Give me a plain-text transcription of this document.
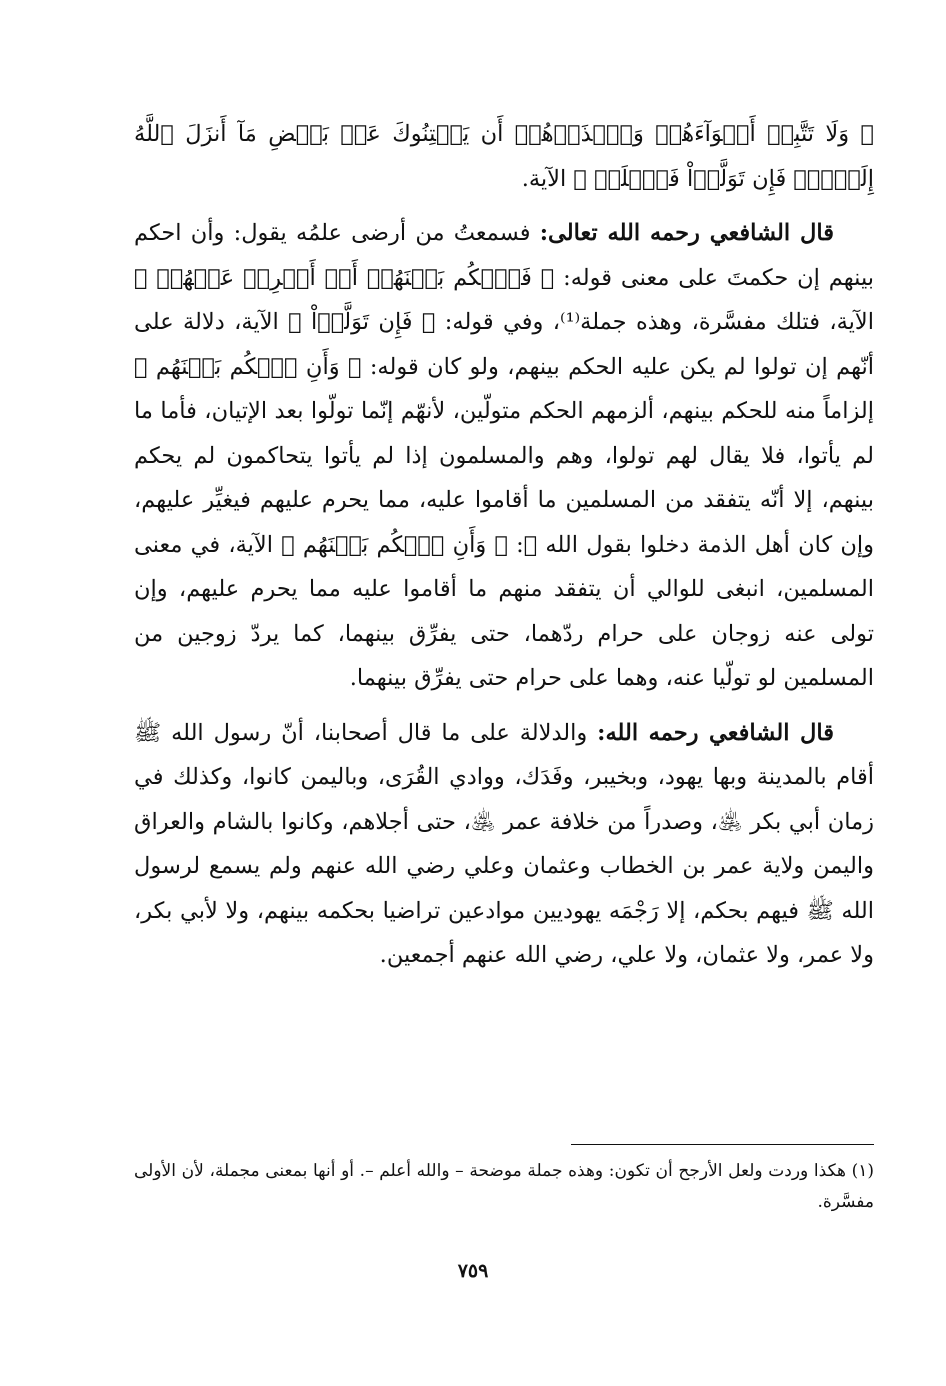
﴿ وَلَا تَتَّبِعۡ أَهۡوَآءَهُمۡ وَٱحۡذَرۡهُمۡ أَن يَفۡتِنُوكَ عَنۢ بَعۡضِ مَآ أَنزَلَ ٱللَّهُ إِلَيۡكَۖ فَإِن تَوَلَّوۡاْ فَٱعۡلَمۡ ﴾ الآية.

قال الشافعي رحمه الله تعالى: فسمعتُ من أرضى علمُه يقول: وأن احكم بينهم إن حكمتَ على معنى قوله: ﴿ فَٱحۡكُم بَيۡنَهُمۡ أَوۡ أَعۡرِضۡ عَنۡهُمۡ ﴾ الآية، فتلك مفسَّرة، وهذه جملة⁽¹⁾، وفي قوله: ﴿ فَإِن تَوَلَّوۡاْ ﴾ الآية، دلالة على أنّهم إن تولوا لم يكن عليه الحكم بينهم، ولو كان قوله: ﴿ وَأَنِ ٱحۡكُم بَيۡنَهُم ﴾ إلزاماً منه للحكم بينهم، ألزمهم الحكم متولّين، لأنهّم إنّما تولّوا بعد الإتيان، فأما ما لم يأتوا، فلا يقال لهم تولوا، وهم والمسلمون إذا لم يأتوا يتحاكمون لم يحكم بينهم، إلا أنّه يتفقد من المسلمين ما أقاموا عليه، مما يحرم عليهم فيغيِّر عليهم، وإن كان أهل الذمة دخلوا بقول الله ﷻ: ﴿ وَأَنِ ٱحۡكُم بَيۡنَهُم ﴾ الآية، في معنى المسلمين، انبغى للوالي أن يتفقد منهم ما أقاموا عليه مما يحرم عليهم، وإن تولى عنه زوجان على حرام ردّهما، حتى يفرِّق بينهما، كما يردّ زوجين من المسلمين لو تولّيا عنه، وهما على حرام حتى يفرِّق بينهما.

قال الشافعي رحمه الله: والدلالة على ما قال أصحابنا، أنّ رسول الله ﷺ أقام بالمدينة وبها يهود، وبخيبر، وفَدَك، ووادي القُرَى، وباليمن كانوا، وكذلك في زمان أبي بكر ﵁، وصدراً من خلافة عمر ﵁، حتى أجلاهم، وكانوا بالشام والعراق واليمن ولاية عمر بن الخطاب وعثمان وعلي رضي الله عنهم ولم يسمع لرسول الله ﷺ فيهم بحكم، إلا رَجْمَه يهوديين موادعين تراضيا بحكمه بينهم، ولا لأبي بكر، ولا عمر، ولا عثمان، ولا علي، رضي الله عنهم أجمعين.

(١) هكذا وردت ولعل الأرجح أن تكون: وهذه جملة موضحة – والله أعلم –. أو أنها بمعنى مجملة، لأن الأولى مفسَّرة.
٧٥٩
